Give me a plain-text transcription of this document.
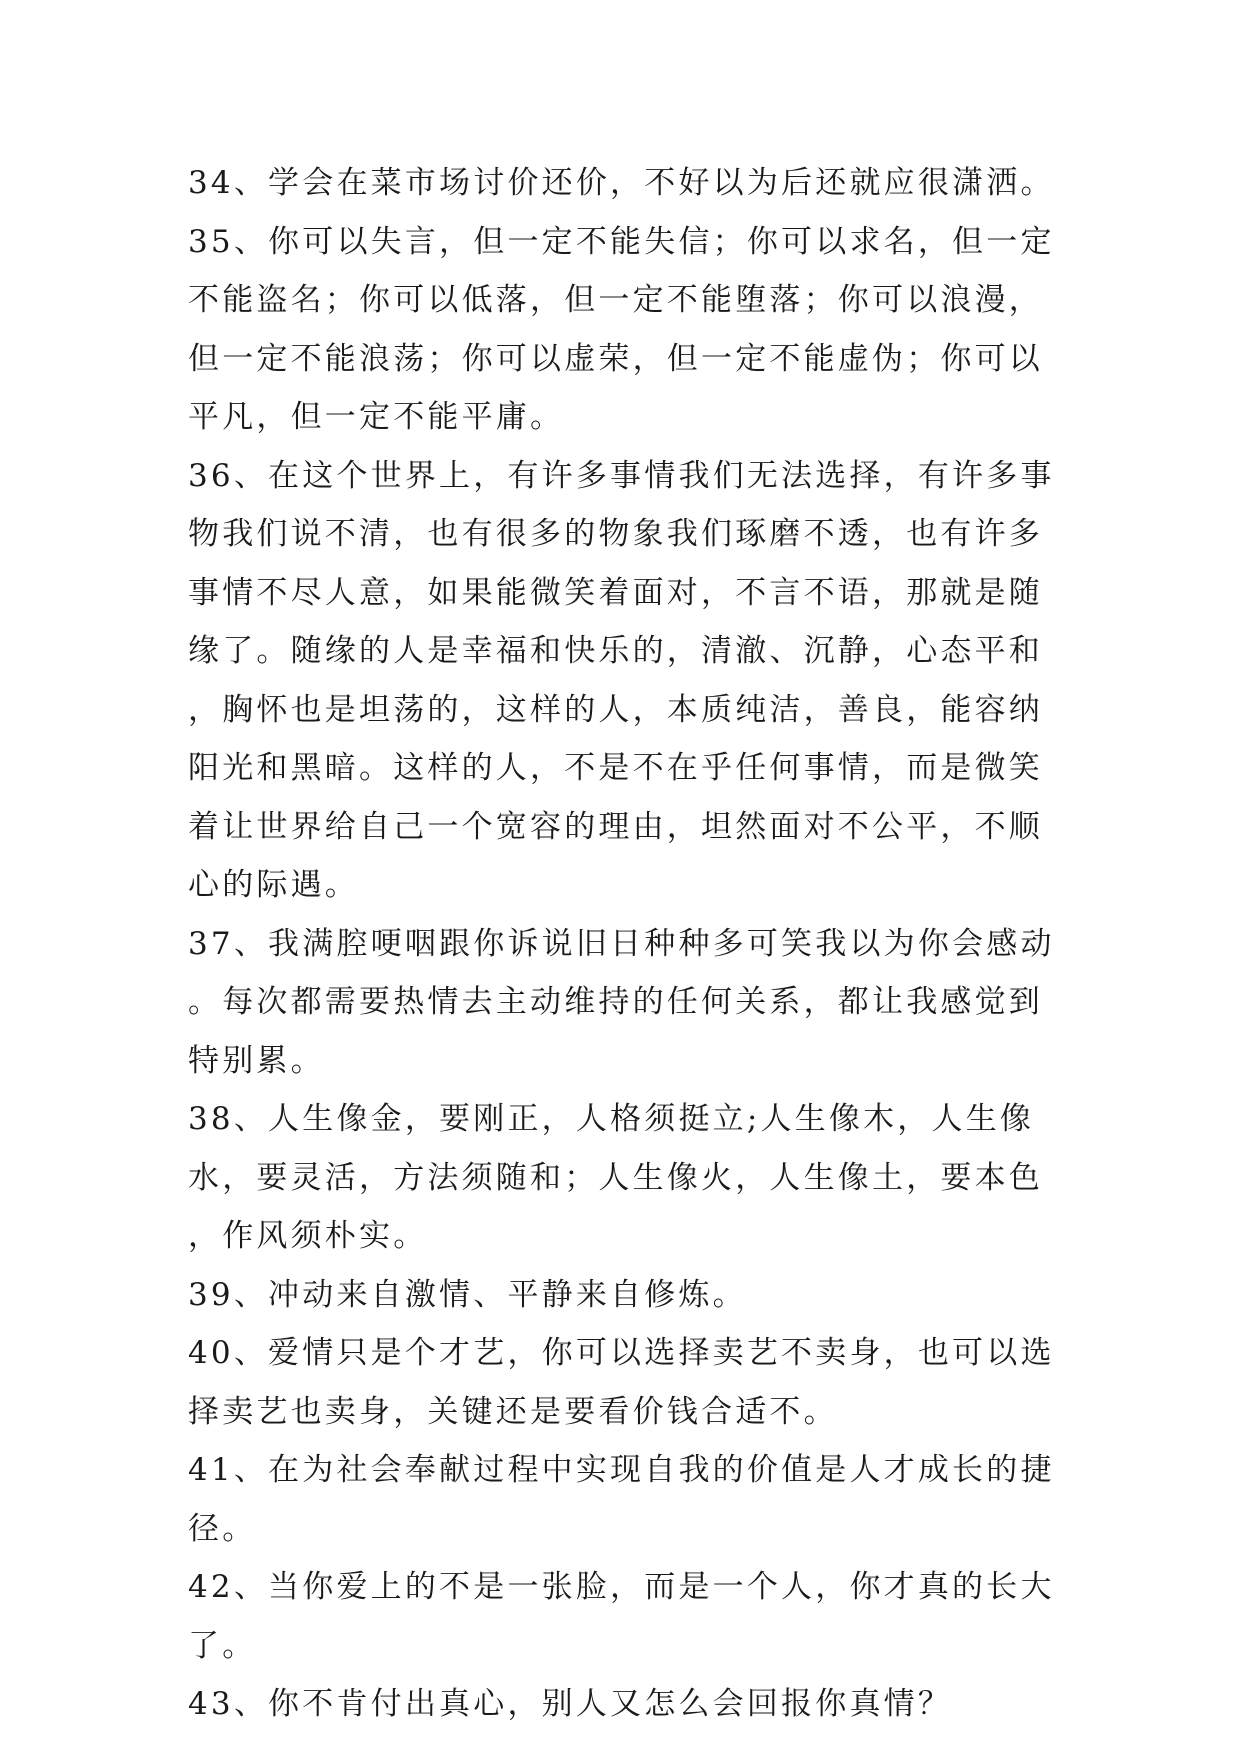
34、学会在菜市场讨价还价，不好以为后还就应很潇洒。

35、你可以失言，但一定不能失信；你可以求名，但一定不能盗名；你可以低落，但一定不能堕落；你可以浪漫，但一定不能浪荡；你可以虚荣，但一定不能虚伪；你可以平凡，但一定不能平庸。

36、在这个世界上，有许多事情我们无法选择，有许多事物我们说不清，也有很多的物象我们琢磨不透，也有许多事情不尽人意，如果能微笑着面对，不言不语，那就是随缘了。随缘的人是幸福和快乐的，清澈、沉静，心态平和，胸怀也是坦荡的，这样的人，本质纯洁，善良，能容纳阳光和黑暗。这样的人，不是不在乎任何事情，而是微笑着让世界给自己一个宽容的理由，坦然面对不公平，不顺心的际遇。

37、我满腔哽咽跟你诉说旧日种种多可笑我以为你会感动。每次都需要热情去主动维持的任何关系，都让我感觉到特别累。

38、人生像金，要刚正，人格须挺立;人生像木，人生像水，要灵活，方法须随和；人生像火，人生像土，要本色，作风须朴实。

39、冲动来自激情、平静来自修炼。

40、爱情只是个才艺，你可以选择卖艺不卖身，也可以选择卖艺也卖身，关键还是要看价钱合适不。

41、在为社会奉献过程中实现自我的价值是人才成长的捷径。

42、当你爱上的不是一张脸，而是一个人，你才真的长大了。

43、你不肯付出真心，别人又怎么会回报你真情？
